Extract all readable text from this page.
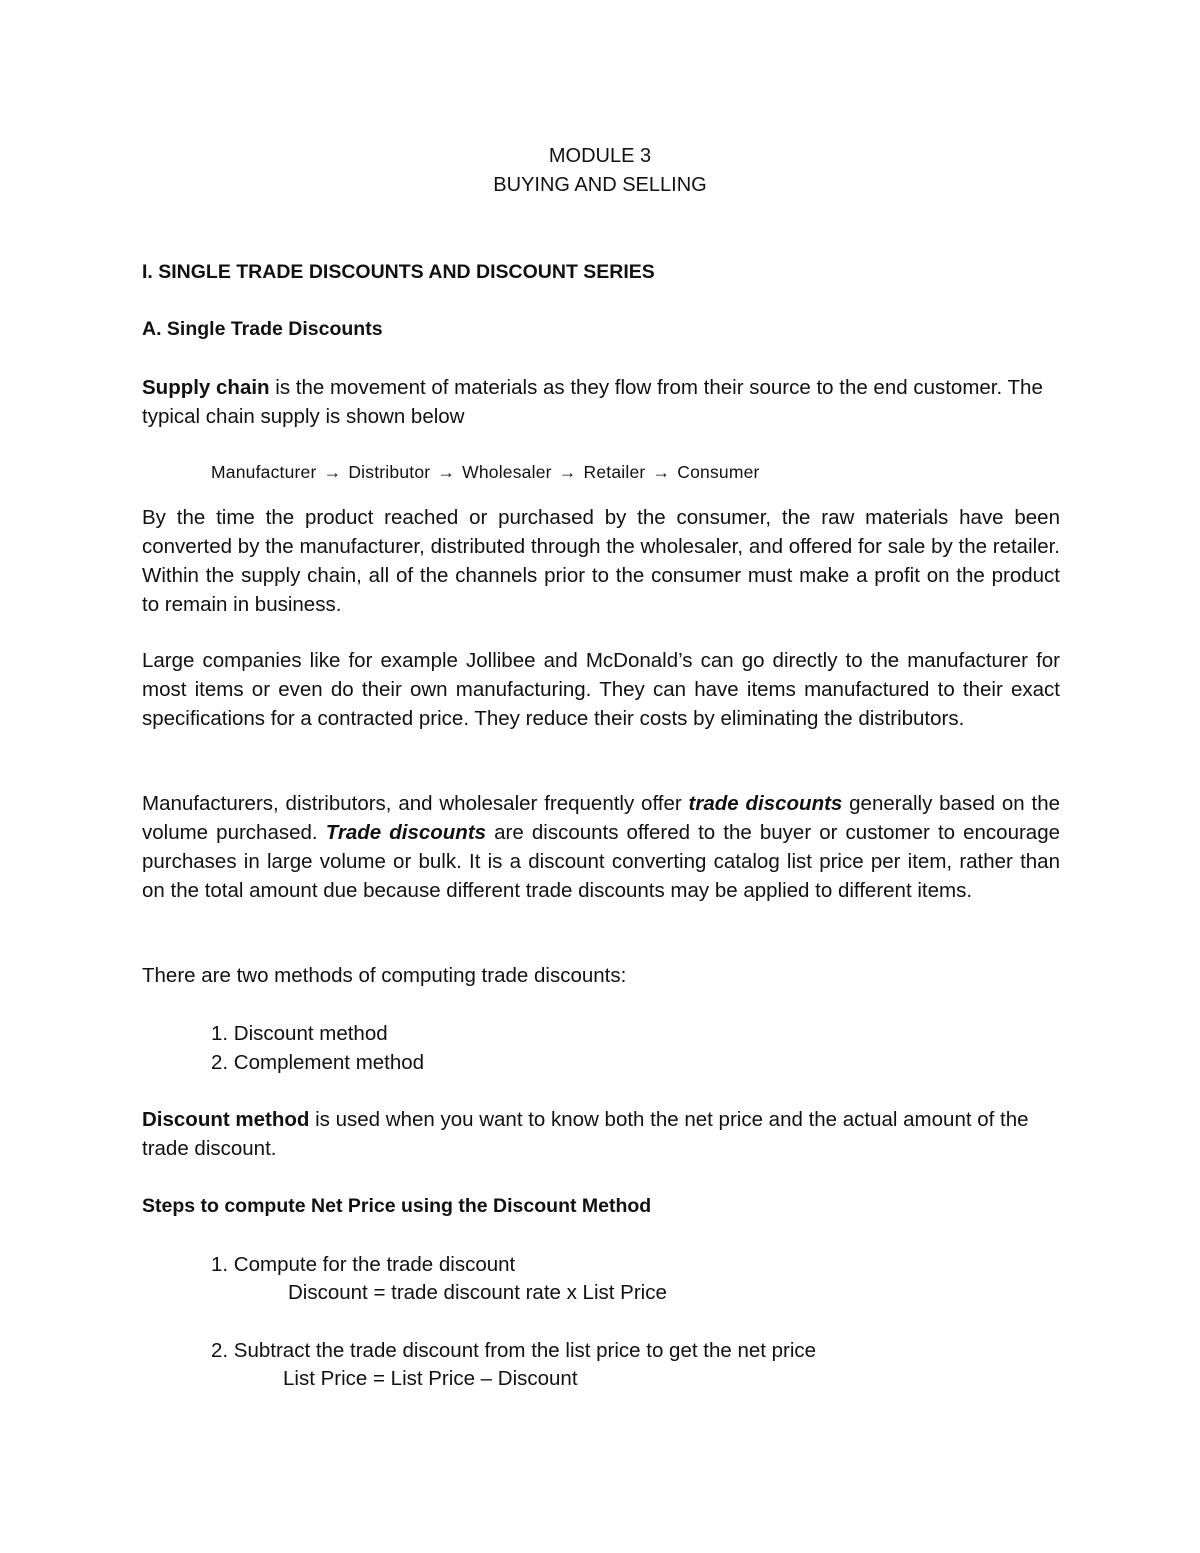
MODULE 3
BUYING AND SELLING
I. SINGLE TRADE DISCOUNTS AND DISCOUNT SERIES
A. Single Trade Discounts
Supply chain is the movement of materials as they flow from their source to the end customer. The typical chain supply is shown below
Manufacturer → Distributor → Wholesaler → Retailer → Consumer
By the time the product reached or purchased by the consumer, the raw materials have been converted by the manufacturer, distributed through the wholesaler, and offered for sale by the retailer. Within the supply chain, all of the channels prior to the consumer must make a profit on the product to remain in business.
Large companies like for example Jollibee and McDonald’s can go directly to the manufacturer for most items or even do their own manufacturing. They can have items manufactured to their exact specifications for a contracted price. They reduce their costs by eliminating the distributors.
Manufacturers, distributors, and wholesaler frequently offer trade discounts generally based on the volume purchased. Trade discounts are discounts offered to the buyer or customer to encourage purchases in large volume or bulk. It is a discount converting catalog list price per item, rather than on the total amount due because different trade discounts may be applied to different items.
There are two methods of computing trade discounts:
1. Discount method
2. Complement method
Discount method is used when you want to know both the net price and the actual amount of the trade discount.
Steps to compute Net Price using the Discount Method
1. Compute for the trade discount
Discount = trade discount rate x List Price
2. Subtract the trade discount from the list price to get the net price
List Price = List Price – Discount
